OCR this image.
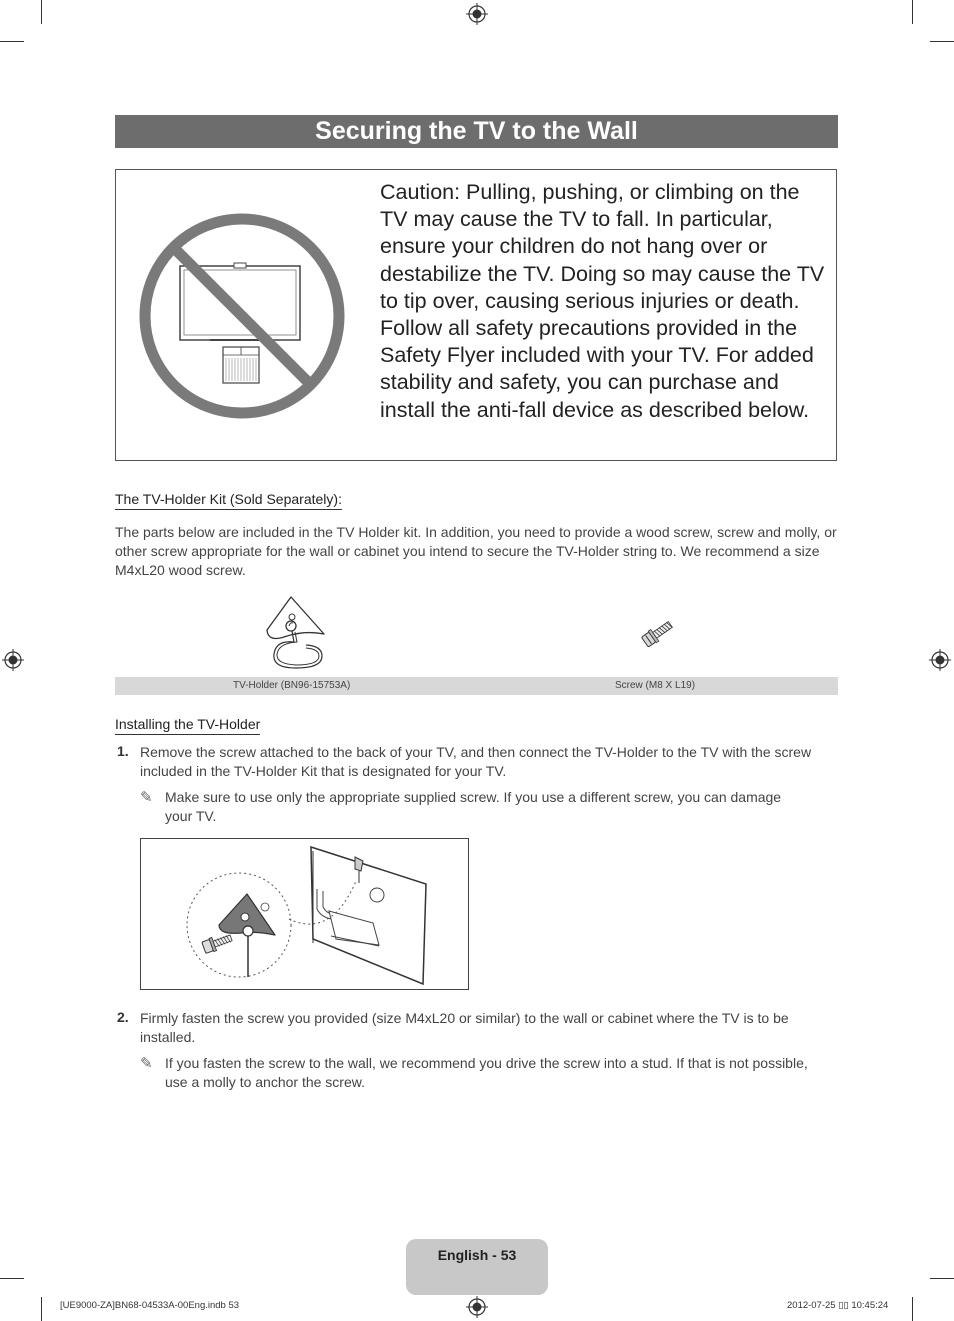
Securing the TV to the Wall
Caution: Pulling, pushing, or climbing on the TV may cause the TV to fall. In particular, ensure your children do not hang over or destabilize the TV. Doing so may cause the TV to tip over, causing serious injuries or death. Follow all safety precautions provided in the Safety Flyer included with your TV. For added stability and safety, you can purchase and install the anti-fall device as described below.
The TV-Holder Kit (Sold Separately):
The parts below are included in the TV Holder kit. In addition, you need to provide a wood screw, screw and molly, or other screw appropriate for the wall or cabinet you intend to secure the TV-Holder string to. We recommend a size M4xL20 wood screw.
TV-Holder (BN96-15753A)	Screw (M8 X L19)
Installing the TV-Holder
1. Remove the screw attached to the back of your TV, and then connect the TV-Holder to the TV with the screw included in the TV-Holder Kit that is designated for your TV.
✎ Make sure to use only the appropriate supplied screw. If you use a different screw, you can damage your TV.
2. Firmly fasten the screw you provided (size M4xL20 or similar) to the wall or cabinet where the TV is to be installed.
✎ If you fasten the screw to the wall, we recommend you drive the screw into a stud. If that is not possible, use a molly to anchor the screw.
English - 53
[UE9000-ZA]BN68-04533A-00Eng.indb 53	2012-07-25 ▯▯ 10:45:24
